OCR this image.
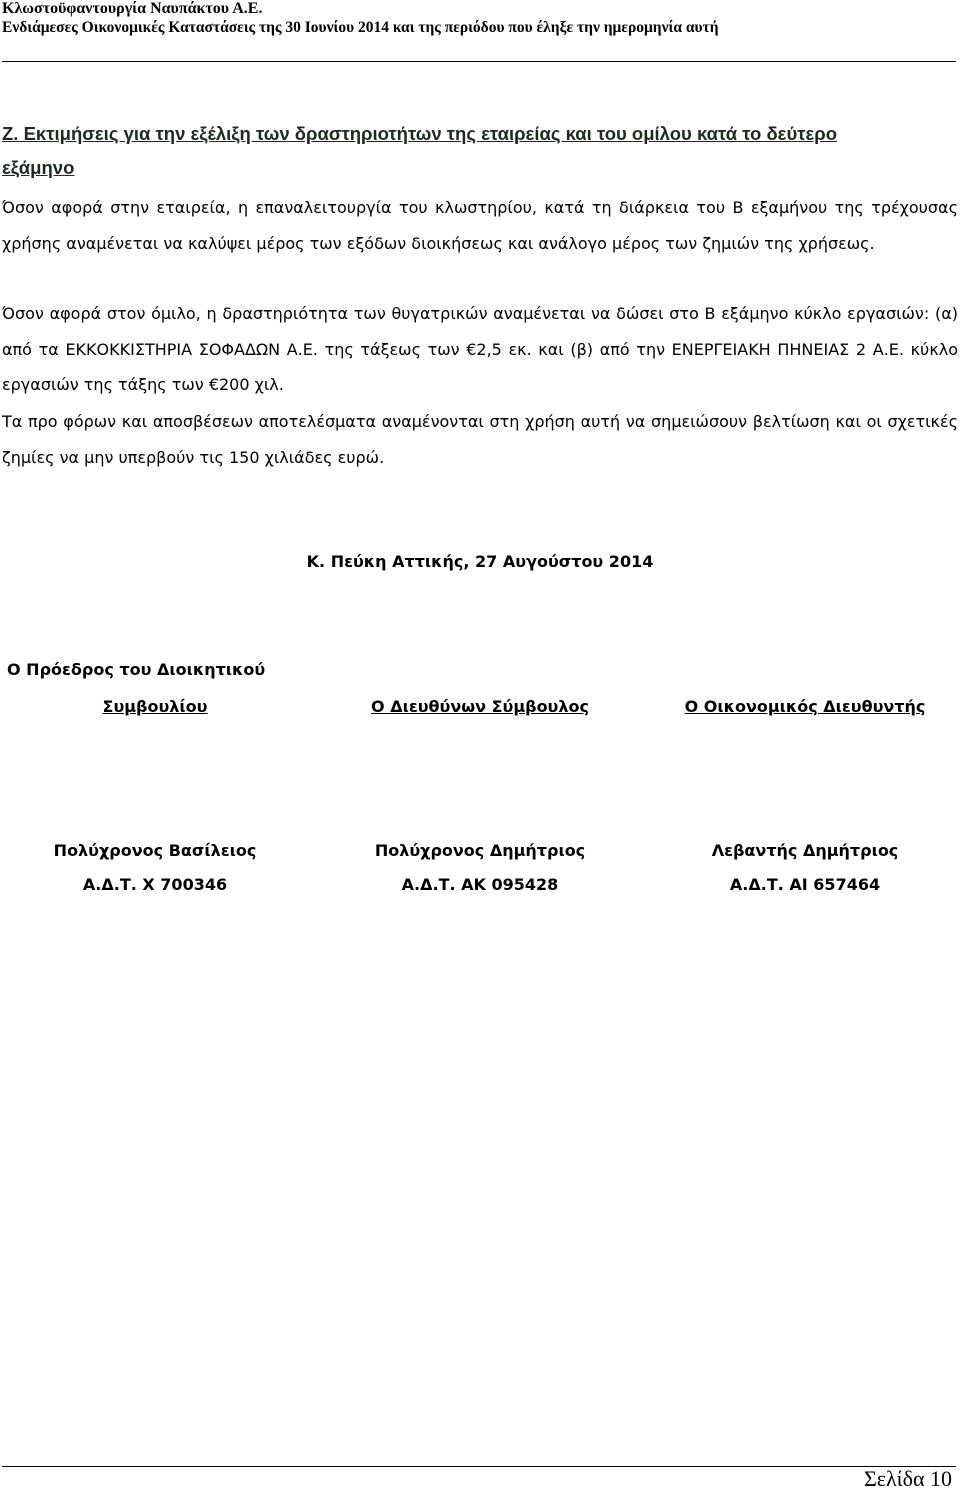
Κλωστοϋφαντουργία Ναυπάκτου Α.Ε.
Ενδιάμεσες Οικονομικές Καταστάσεις της 30 Ιουνίου 2014 και της περιόδου που έληξε την ημερομηνία αυτή
Ζ. Εκτιμήσεις για την εξέλιξη των δραστηριοτήτων της εταιρείας και του ομίλου κατά το δεύτερο
εξάμηνο
Όσον αφορά στην εταιρεία, η επαναλειτουργία του κλωστηρίου, κατά τη διάρκεια του Β εξαμήνου της τρέχουσας χρήσης αναμένεται να καλύψει μέρος των εξόδων διοικήσεως και ανάλογο μέρος των ζημιών της χρήσεως.
Όσον αφορά στον όμιλο, η δραστηριότητα των θυγατρικών αναμένεται να δώσει στο Β εξάμηνο κύκλο εργασιών: (α) από τα ΕΚΚΟΚΚΙΣΤΗΡΙΑ ΣΟΦΑΔΩΝ Α.Ε. της τάξεως των €2,5 εκ. και (β) από την ΕΝΕΡΓΕΙΑΚΗ ΠΗΝΕΙΑΣ 2 Α.Ε. κύκλο εργασιών της τάξης των €200 χιλ.
Τα προ φόρων και αποσβέσεων αποτελέσματα αναμένονται στη χρήση αυτή να σημειώσουν βελτίωση και οι σχετικές ζημίες να μην υπερβούν τις 150 χιλιάδες ευρώ.
Κ. Πεύκη Αττικής, 27 Αυγούστου 2014
Ο Πρόεδρος του Διοικητικού
Συμβουλίου	Ο Διευθύνων Σύμβουλος	Ο Οικονομικός Διευθυντής
Πολύχρονος Βασίλειος	Πολύχρονος Δημήτριος	Λεβαντής Δημήτριος
Α.Δ.Τ. Χ 700346	Α.Δ.Τ. ΑΚ 095428	Α.Δ.Τ. ΑΙ 657464
Σελίδα 10
